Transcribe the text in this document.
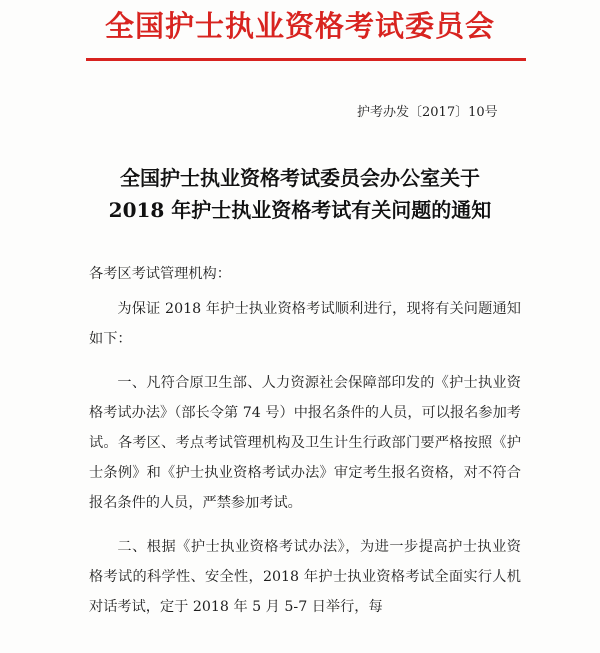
全国护士执业资格考试委员会
护考办发〔2017〕10号
全国护士执业资格考试委员会办公室关于
2018 年护士执业资格考试有关问题的通知
各考区考试管理机构：

为保证 2018 年护士执业资格考试顺利进行，现将有关问题通知如下：

一、凡符合原卫生部、人力资源社会保障部印发的《护士执业资格考试办法》（部长令第 74 号）中报名条件的人员，可以报名参加考试。各考区、考点考试管理机构及卫生计生行政部门要严格按照《护士条例》和《护士执业资格考试办法》审定考生报名资格，对不符合报名条件的人员，严禁参加考试。

二、根据《护士执业资格考试办法》，为进一步提高护士执业资格考试的科学性、安全性，2018 年护士执业资格考试全面实行人机对话考试，定于 2018 年 5 月 5-7 日举行，每
